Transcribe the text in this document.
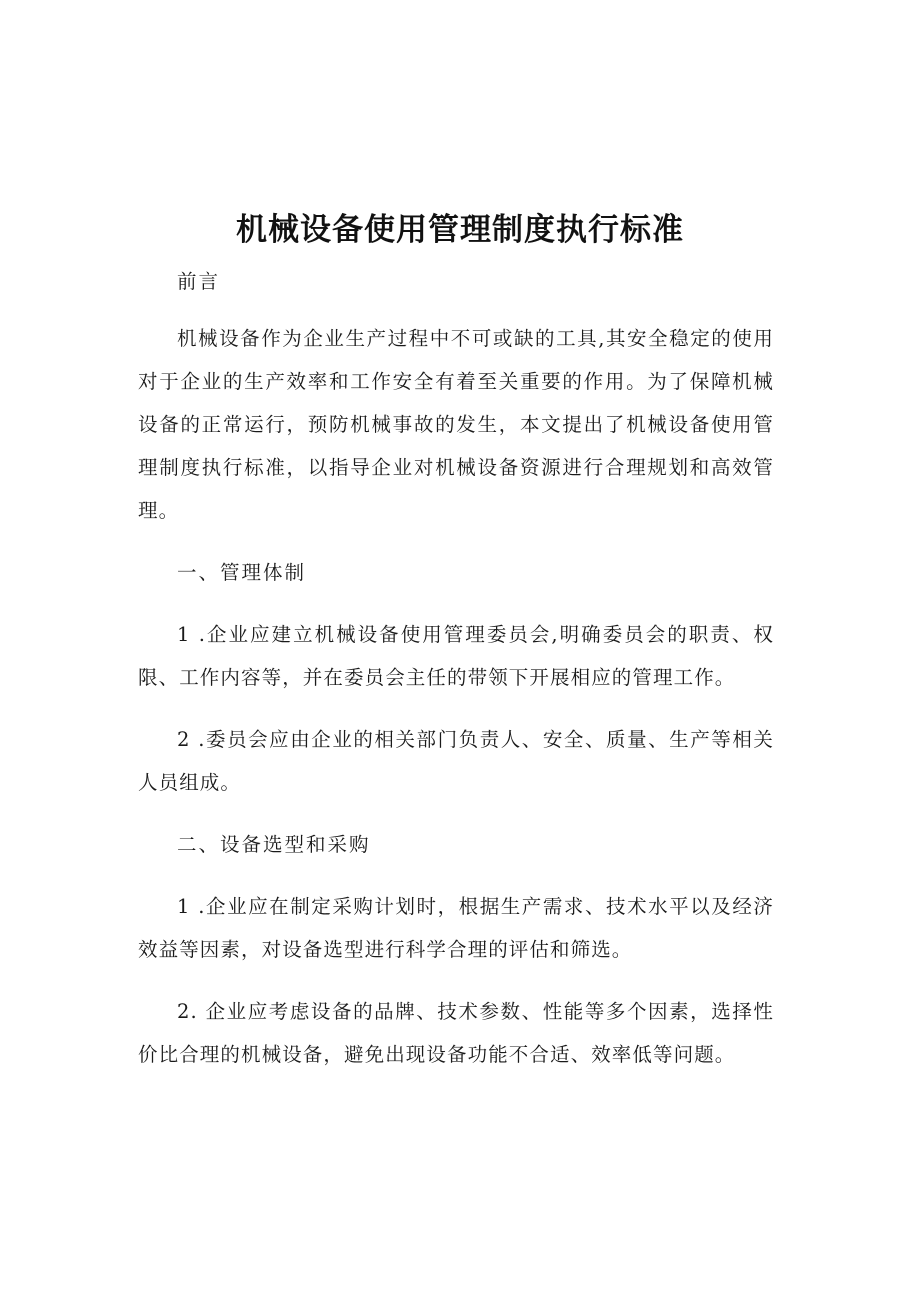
机械设备使用管理制度执行标准

前言

机械设备作为企业生产过程中不可或缺的工具,其安全稳定的使用对于企业的生产效率和工作安全有着至关重要的作用。为了保障机械设备的正常运行，预防机械事故的发生，本文提出了机械设备使用管理制度执行标准，以指导企业对机械设备资源进行合理规划和高效管理。

一、管理体制

1 .企业应建立机械设备使用管理委员会,明确委员会的职责、权限、工作内容等，并在委员会主任的带领下开展相应的管理工作。

2 .委员会应由企业的相关部门负责人、安全、质量、生产等相关人员组成。

二、设备选型和采购

1 .企业应在制定采购计划时，根据生产需求、技术水平以及经济效益等因素，对设备选型进行科学合理的评估和筛选。

2. 企业应考虑设备的品牌、技术参数、性能等多个因素，选择性价比合理的机械设备，避免出现设备功能不合适、效率低等问题。
